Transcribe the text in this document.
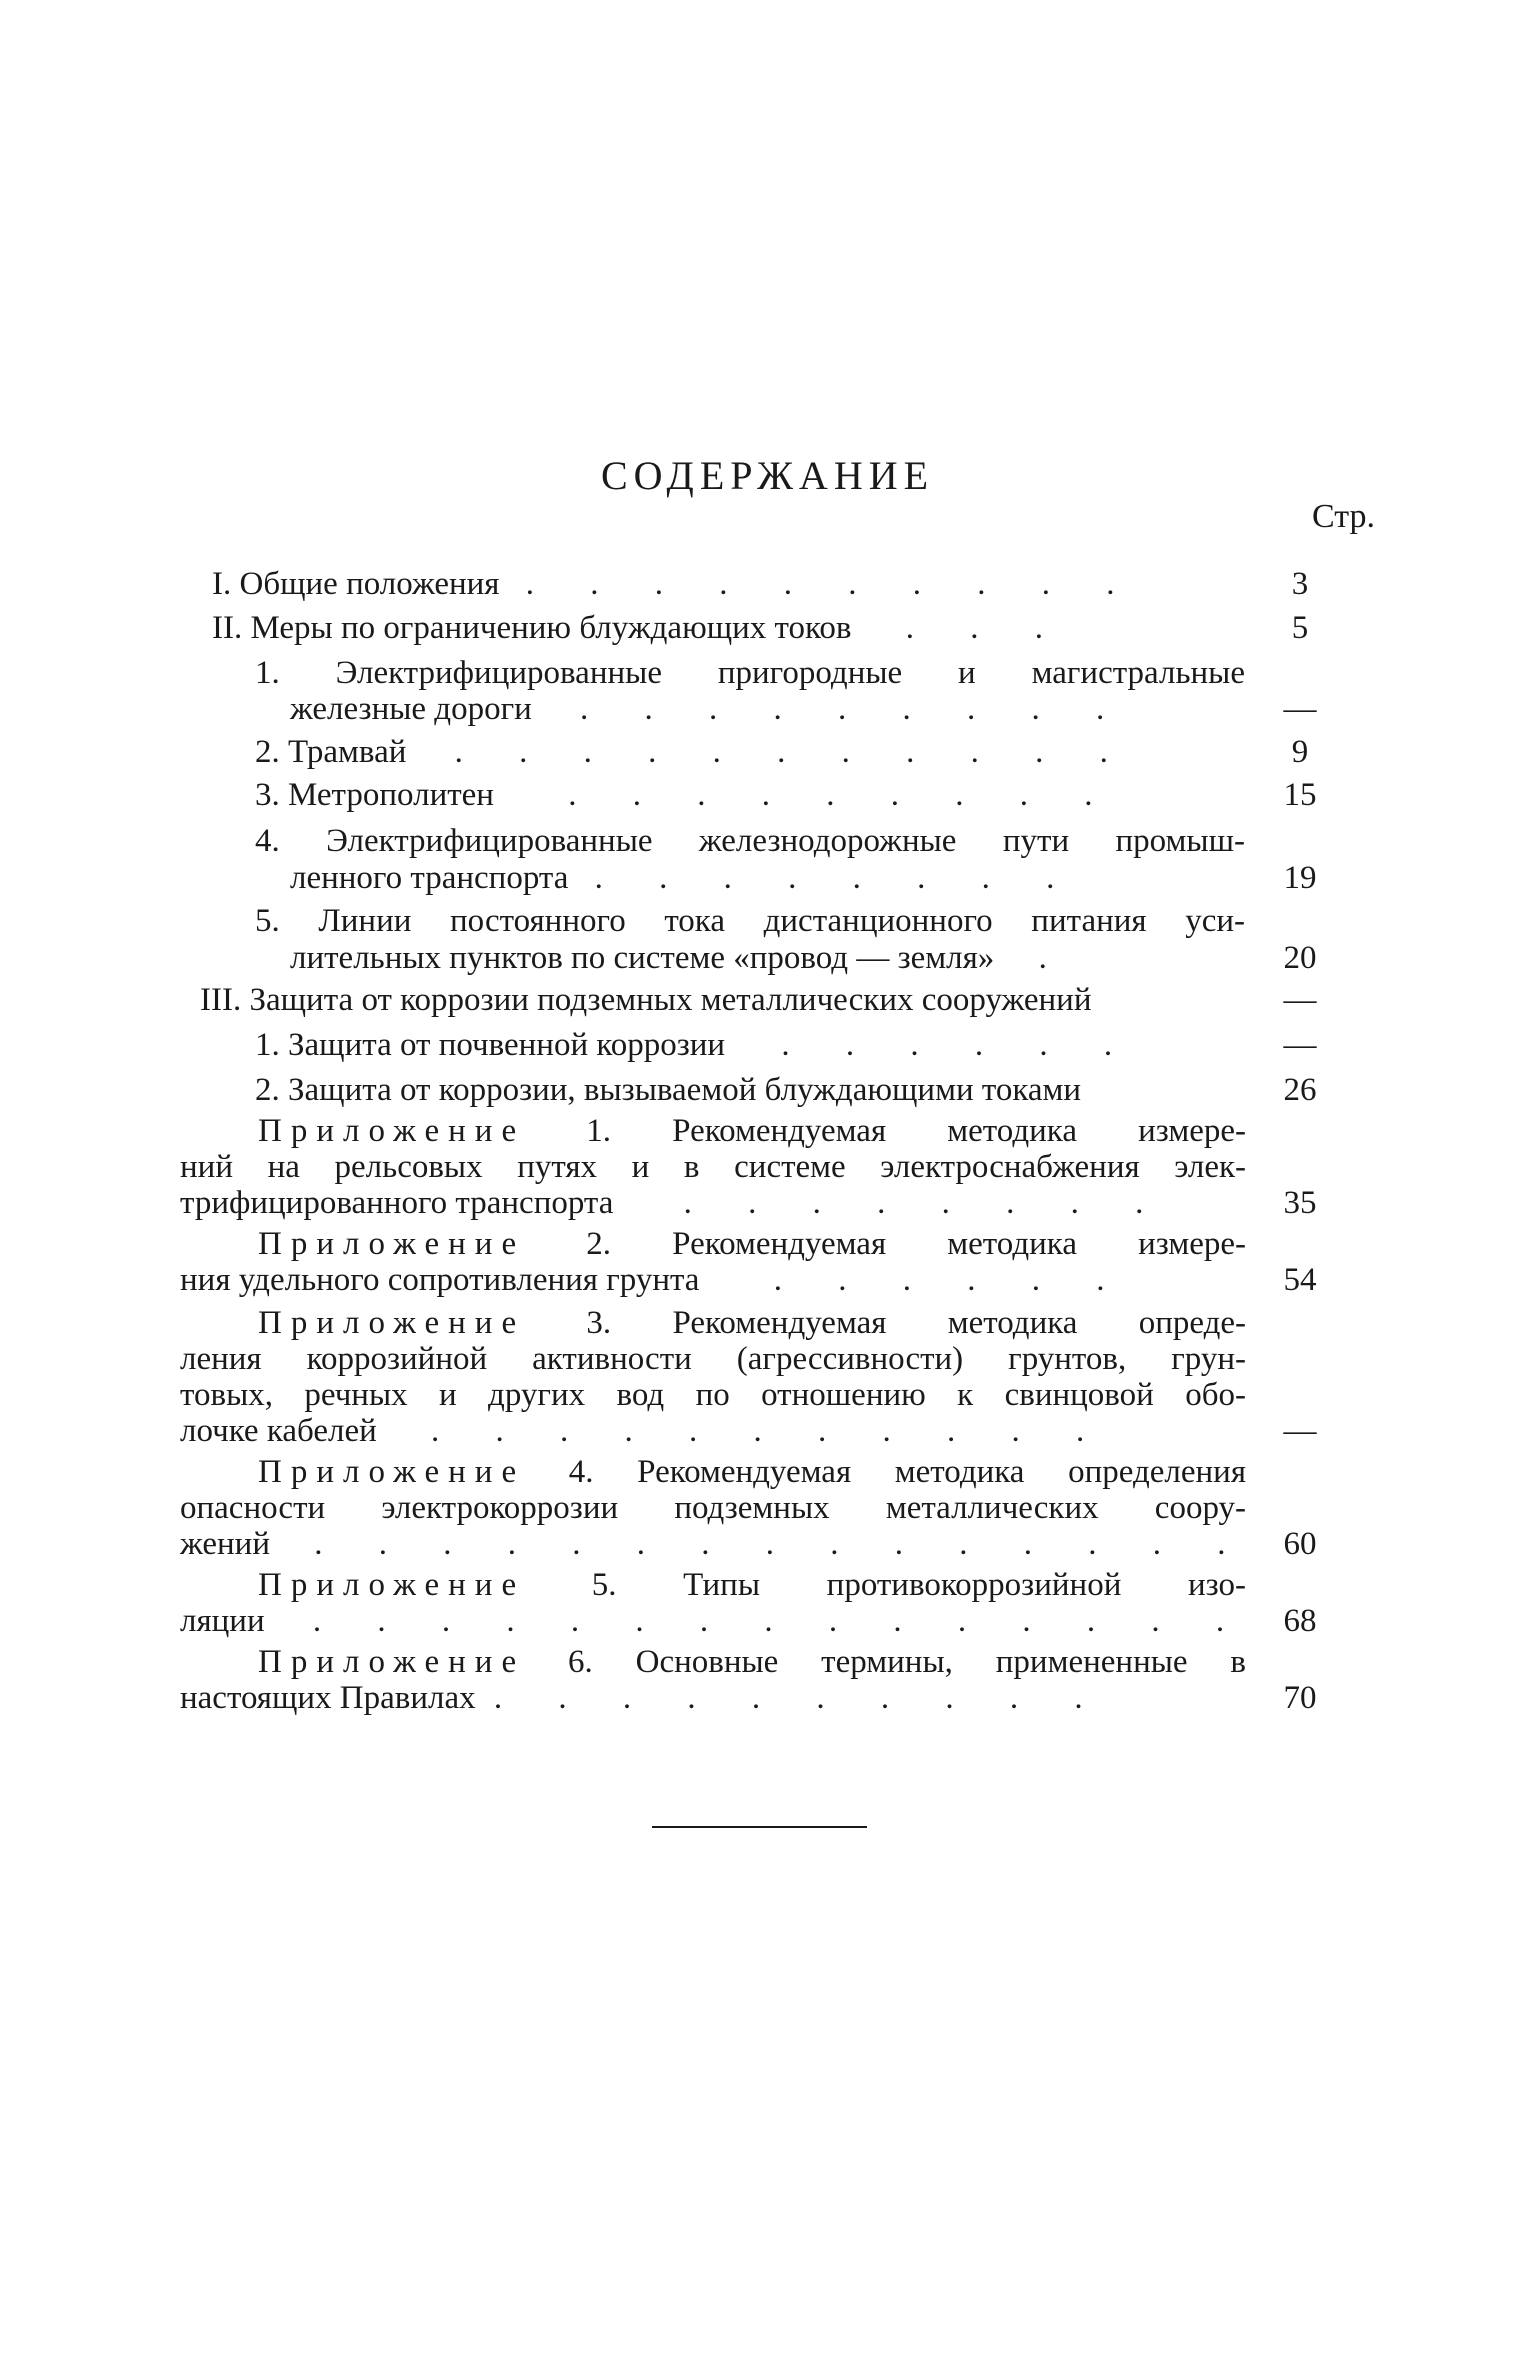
СОДЕРЖАНИЕ
Стр.
I. Общие положения . . . . . . . . . .	3
II. Меры по ограничению блуждающих токов . . .	5
1. Электрифицированные пригородные и магистральные
железные дороги . . . . . . . . .	—
2. Трамвай . . . . . . . . . . .	9
3. Метрополитен . . . . . . . . .	15
4. Электрифицированные железнодорожные пути промыш-
ленного транспорта . . . . . . . .	19
5. Линии постоянного тока дистанционного питания уси-
лительных пунктов по системе «провод — земля» .	20
III. Защита от коррозии подземных металлических сооружений	—
1. Защита от почвенной коррозии . . . . . .	—
2. Защита от коррозии, вызываемой блуждающими токами	26
Приложение 1. Рекомендуемая методика измере-
ний на рельсовых путях и в системе электроснабжения элек-
трифицированного транспорта . . . . . . . .	35
Приложение 2. Рекомендуемая методика измере-
ния удельного сопротивления грунта . . . . . .	54
Приложение 3. Рекомендуемая методика опреде-
ления коррозийной активности (агрессивности) грунтов, грун-
товых, речных и других вод по отношению к свинцовой обо-
лочке кабелей . . . . . . . . . . .	—
Приложение 4. Рекомендуемая методика определения
опасности электрокоррозии подземных металлических соору-
жений . . . . . . . . . . . . . . .	60
Приложение 5. Типы противокоррозийной изо-
ляции . . . . . . . . . . . . . . .	68
Приложение 6. Основные термины, примененные в
настоящих Правилах . . . . . . . . . .	70
